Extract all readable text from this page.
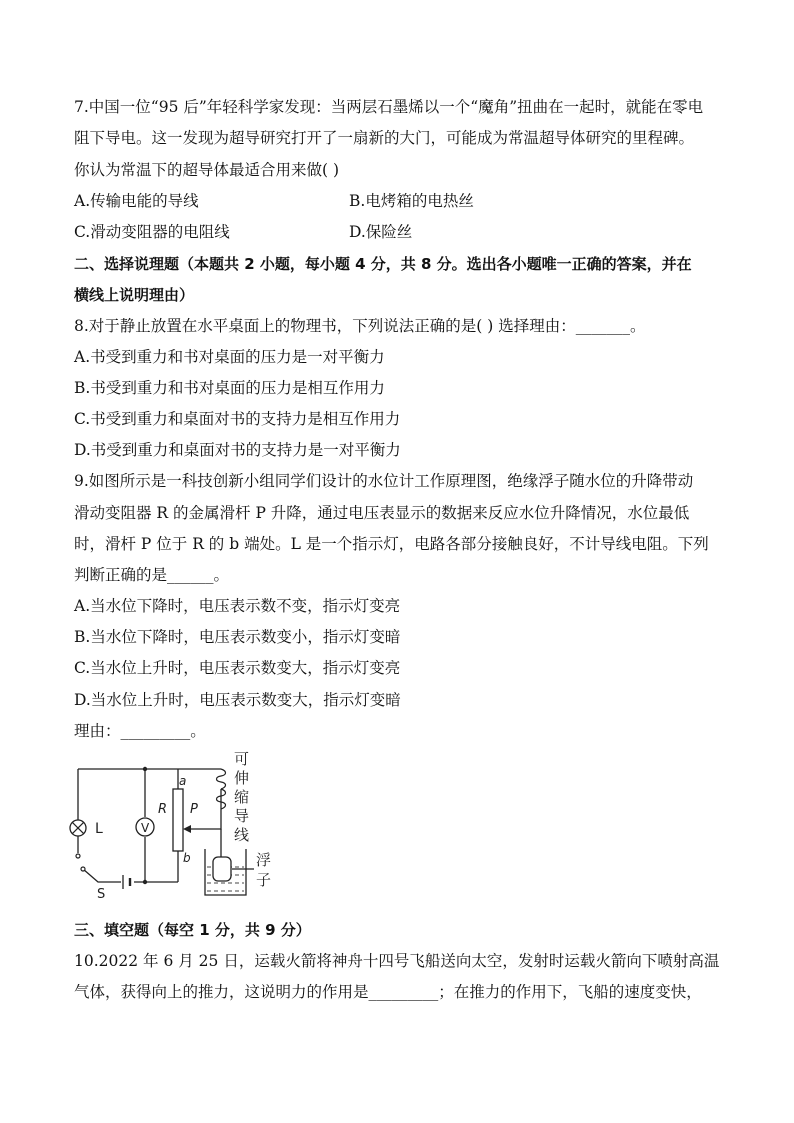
7.中国一位“95 后”年轻科学家发现：当两层石墨烯以一个“魔角”扭曲在一起时，就能在零电
阻下导电。这一发现为超导研究打开了一扇新的大门，可能成为常温超导体研究的里程碑。
你认为常温下的超导体最适合用来做( )
A.传输电能的导线	B.电烤箱的电热丝
C.滑动变阻器的电阻线	D.保险丝
二、选择说理题（本题共 2 小题，每小题 4 分，共 8 分。选出各小题唯一正确的答案，并在
横线上说明理由）
8.对于静止放置在水平桌面上的物理书，下列说法正确的是( ) 选择理由：_______。
A.书受到重力和书对桌面的压力是一对平衡力
B.书受到重力和书对桌面的压力是相互作用力
C.书受到重力和桌面对书的支持力是相互作用力
D.书受到重力和桌面对书的支持力是一对平衡力
9.如图所示是一科技创新小组同学们设计的水位计工作原理图，绝缘浮子随水位的升降带动
滑动变阻器 R 的金属滑杆 P 升降，通过电压表显示的数据来反应水位升降情况，水位最低
时，滑杆 P 位于 R 的 b 端处。L 是一个指示灯，电路各部分接触良好，不计导线电阻。下列
判断正确的是______。
A.当水位下降时，电压表示数不变，指示灯变亮
B.当水位下降时，电压表示数变小，指示灯变暗
C.当水位上升时，电压表示数变大，指示灯变亮
D.当水位上升时，电压表示数变大，指示灯变暗
理由：_________。
V
L
R P
a
b
S
可
伸
缩
导
线
浮
子
三、填空题（每空 1 分，共 9 分）
10.2022 年 6 月 25 日，运载火箭将神舟十四号飞船送向太空，发射时运载火箭向下喷射高温
气体，获得向上的推力，这说明力的作用是_________；在推力的作用下，飞船的速度变快，
